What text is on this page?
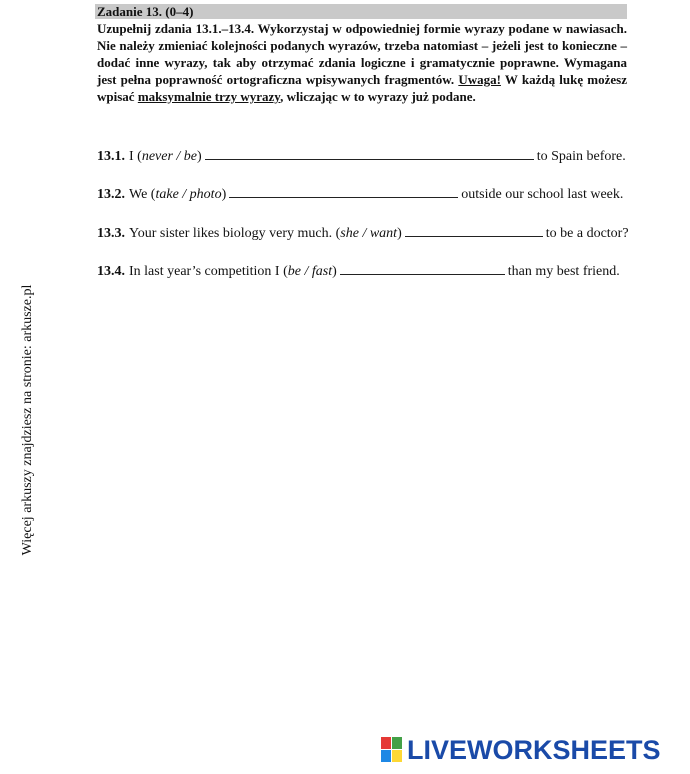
Zadanie 13. (0–4)

Uzupełnij zdania 13.1.–13.4. Wykorzystaj w odpowiedniej formie wyrazy podane w nawiasach. Nie należy zmieniać kolejności podanych wyrazów, trzeba natomiast – jeżeli jest to konieczne – dodać inne wyrazy, tak aby otrzymać zdania logiczne i gramatycznie poprawne. Wymagana jest pełna poprawność ortograficzna wpisywanych fragmentów. Uwaga! W każdą lukę możesz wpisać maksymalnie trzy wyrazy, wliczając w to wyrazy już podane.

13.1. I (never / be)	to Spain before.
13.2. We (take / photo)	outside our school last week.
13.3. Your sister likes biology very much. (she / want)	to be a doctor?
13.4. In last year’s competition I (be / fast)	than my best friend.
Więcej arkuszy znajdziesz na stronie: arkusze.pl
LIVEWORKSHEETS
